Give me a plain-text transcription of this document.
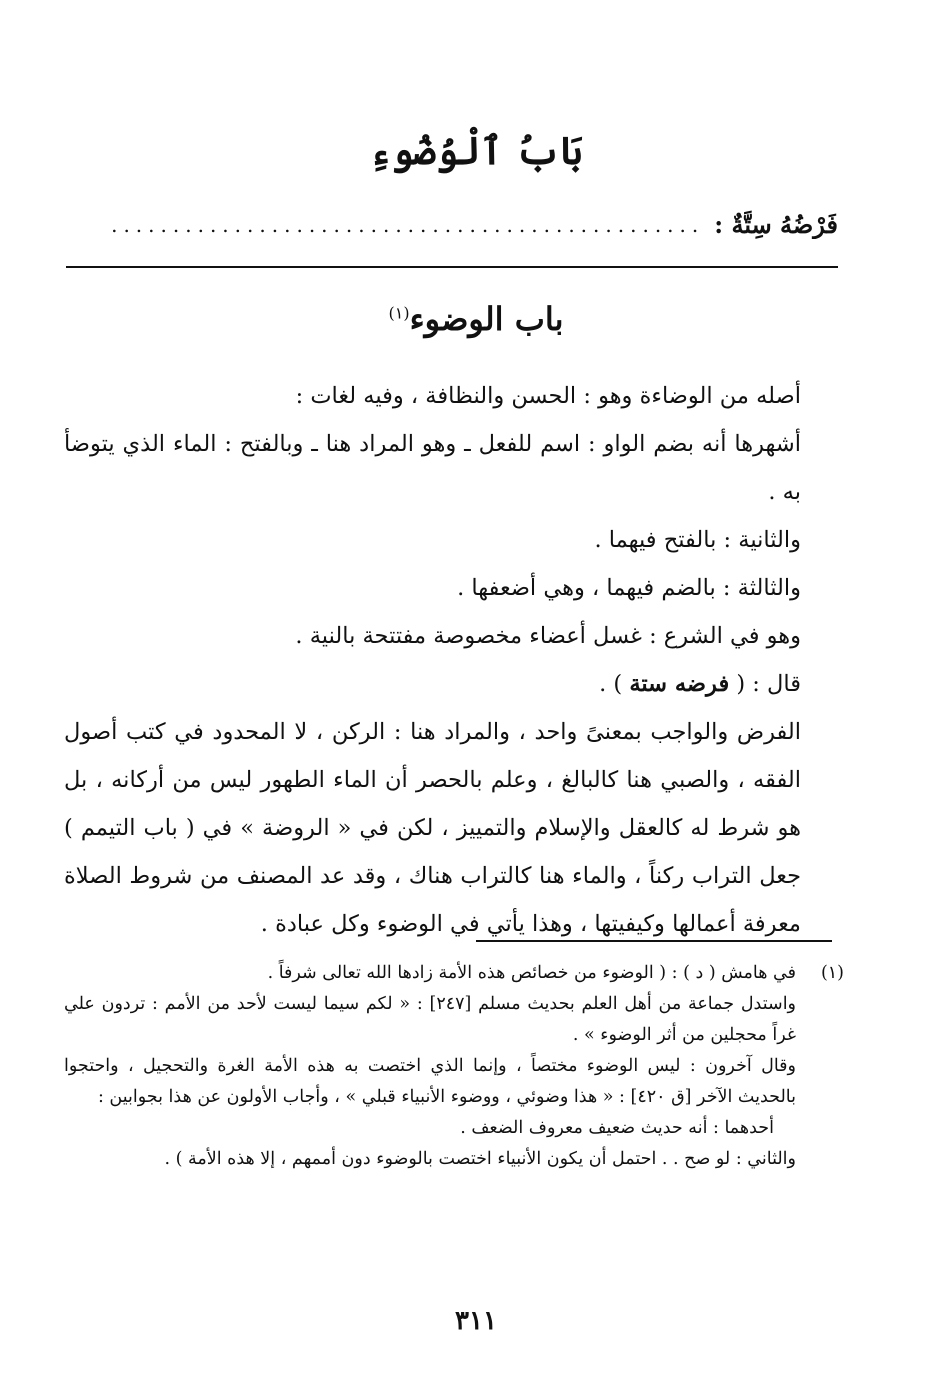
بَابُ ٱلْوُضُوءِ
فَرْضُهُ سِتَّةٌ :
................................................
باب الوضوء$^{(١)}$

أصله من الوضاءة وهو : الحسن والنظافة ، وفيه لغات :

أشهرها أنه بضم الواو : اسم للفعل ـ وهو المراد هنا ـ وبالفتح : الماء الذي يتوضأ به .

والثانية : بالفتح فيهما .

والثالثة : بالضم فيهما ، وهي أضعفها .

وهو في الشرع : غسل أعضاء مخصوصة مفتتحة بالنية .

قال : ( فرضه ستة ) .

الفرض والواجب بمعنىً واحد ، والمراد هنا : الركن ، لا المحدود في كتب أصول الفقه ، والصبي هنا كالبالغ ، وعلم بالحصر أن الماء الطهور ليس من أركانه ، بل هو شرط له كالعقل والإسلام والتمييز ، لكن في « الروضة » في ( باب التيمم ) جعل التراب ركناً ، والماء هنا كالتراب هناك ، وقد عد المصنف من شروط الصلاة معرفة أعمالها وكيفيتها ، وهذا يأتي في الوضوء وكل عبادة .

(١)في هامش ( د ) : ( الوضوء من خصائص هذه الأمة زادها الله تعالى شرفاً .

واستدل جماعة من أهل العلم بحديث مسلم [٢٤٧] : « لكم سيما ليست لأحد من الأمم : تردون علي غراً محجلين من أثر الوضوء » .

وقال آخرون : ليس الوضوء مختصاً ، وإنما الذي اختصت به هذه الأمة الغرة والتحجيل ، واحتجوا بالحديث الآخر [ق ٤٢٠] : « هذا وضوئي ، ووضوء الأنبياء قبلي » ، وأجاب الأولون عن هذا بجوابين :

أحدهما : أنه حديث ضعيف معروف الضعف .

والثاني : لو صح . . احتمل أن يكون الأنبياء اختصت بالوضوء دون أممهم ، إلا هذه الأمة ) .

٣١١
